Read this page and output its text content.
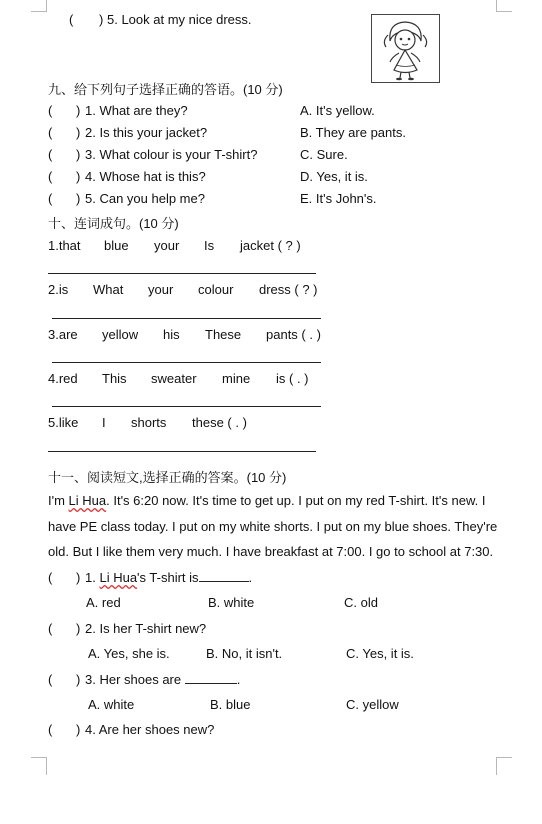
( ) 5. Look at my nice dress.
九、给下列句子选择正确的答语。(10 分)
( ) 1. What are they?	A. It's yellow.
( ) 2. Is this your jacket?	B. They are pants.
( ) 3. What colour is your T-shirt?	C. Sure.
( ) 4. Whose hat is this?	D. Yes, it is.
( ) 5. Can you help me?	E. It's John's.
十、连词成句。(10 分)
1.that blue your Is jacket ( ? )
2.is What your colour dress ( ? )
3.are yellow his These pants ( . )
4.red This sweater mine is ( . )
5.like I shorts these ( . )
十一、阅读短文,选择正确的答案。(10 分)
I'm Li Hua. It's 6:20 now. It's time to get up. I put on my red T-shirt. It's new. I
have PE class today. I put on my white shorts. I put on my blue shoes. They're
old. But I like them very much. I have breakfast at 7:00. I go to school at 7:30.
( ) 1. Li Hua's T-shirt is	.
A. red	B. white	C. old
( ) 2. Is her T-shirt new?
A. Yes, she is.	B. No, it isn't.	C. Yes, it is.
( ) 3. Her shoes are	.
A. white	B. blue	C. yellow
( ) 4. Are her shoes new?
